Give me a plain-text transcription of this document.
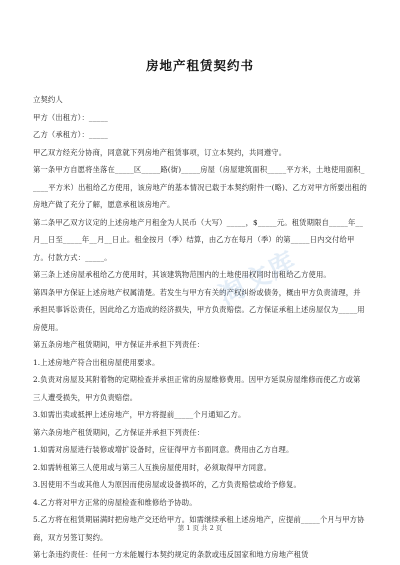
房地产租赁契约书

立契约人

甲方（出租方）：_____

乙方（承租方）：_____

甲乙双方经充分协商，同意就下列房地产租赁事项，订立本契约，共同遵守。

第一条甲方自愿将坐落在_____区_____路(街)_____房屋（房屋建筑面积_____平方米，土地使用面积_____平方米）出租给乙方使用，该房地产的基本情况已载于本契约附件一(略)、乙方对甲方所要出租的房地产做了充分了解，愿意承租该房地产。

第二条甲乙双方议定的上述房地产月租金为人民币（大写）_____，$_____元。租赁期限自_____年__月__日至_____年__月__日止。租金按月（季）结算，由乙方在每月（季）的第_____日内交付给甲方。付款方式：_____。

第三条上述房屋承租给乙方使用时，其该建筑物范围内的土地使用权同时出租给乙方使用。

第四条甲方保证上述房地产权属清楚。若发生与甲方有关的产权纠纷或债务，概由甲方负责清理，并承担民事诉讼责任，因此给乙方造成的经济损失，甲方负责赔偿。乙方保证承租上述房屋仅为_____用房使用。

第五条房地产租赁期间，甲方保证并承担下列责任：

1.上述房地产符合出租房屋使用要求。

2.负责对房屋及其附着物的定期检查并承担正常的房屋维修费用。因甲方延误房屋维修而使乙方或第三人遭受损失，甲方负责赔偿。

3.如需出卖或抵押上述房地产，甲方将提前_____个月通知乙方。

第六条房地产租赁期间，乙方保证并承担下列责任：

1.如需对房屋进行装修或增扩设备时，应征得甲方书面同意。费用由乙方自理。

2.如需转租第三人使用或与第三人互换房屋使用时，必须取得甲方同意。

3.因使用不当或其他人为原因而使房屋或设备损坏的，乙方负责赔偿或给予修复。

4.乙方将对甲方正常的房屋检查和维修给予协助。

5.乙方将在租赁期届满时把房地产交还给甲方。如需继续承租上述房地产，应提前_____个月与甲方协商，双方另签订契约。

第七条违约责任：任何一方未能履行本契约规定的条款或违反国家和地方房地产租赁

淘文库
第 1 页 共 2 页
